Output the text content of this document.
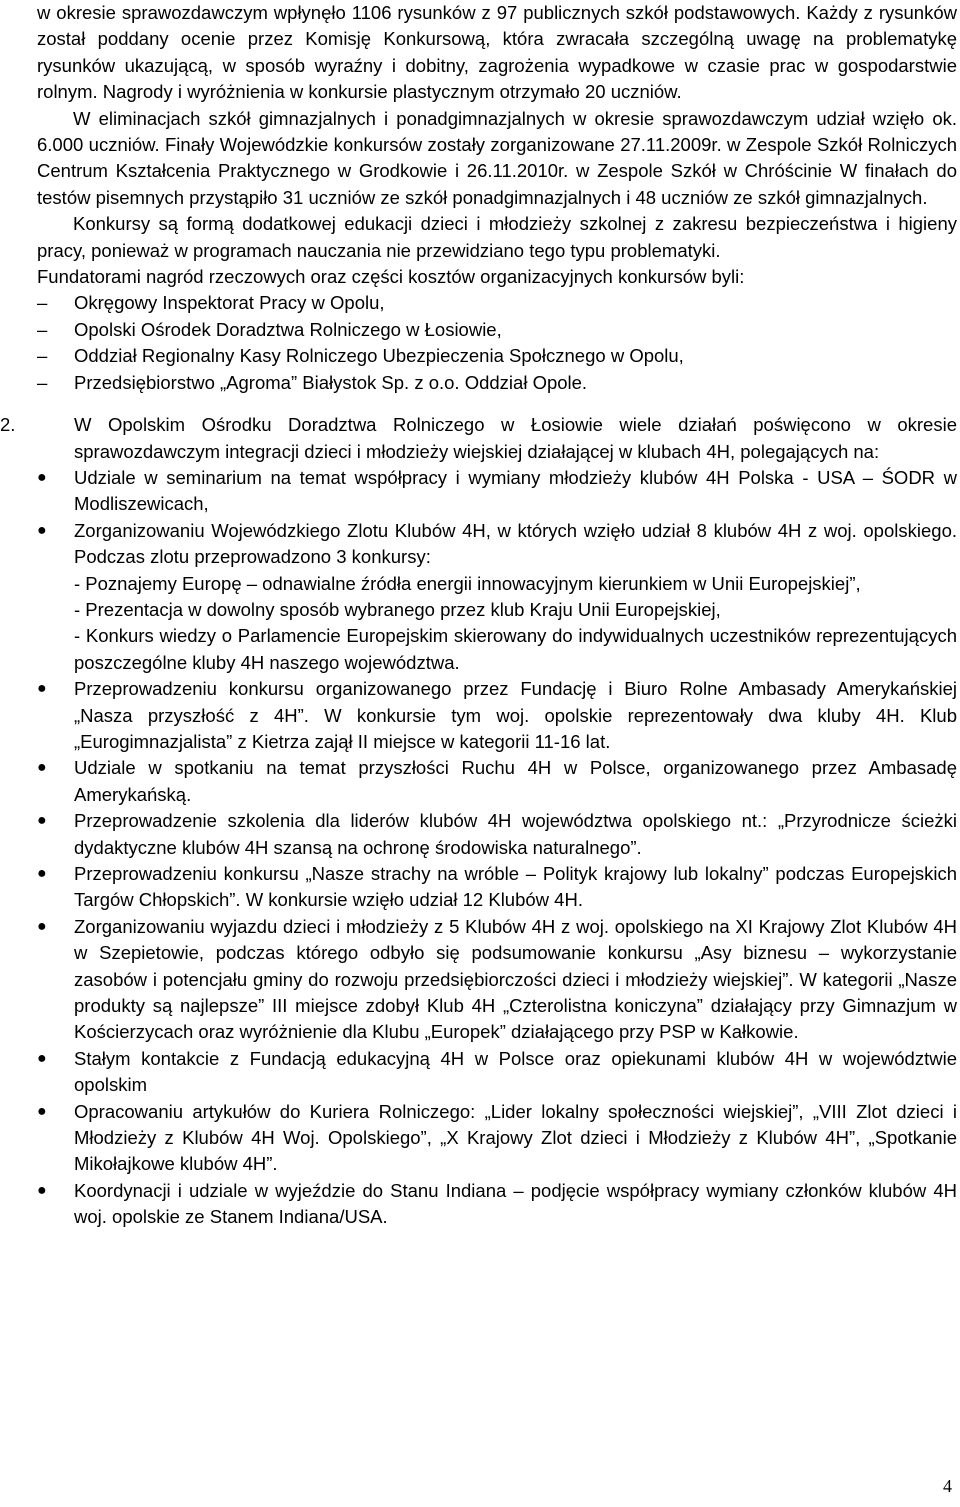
w okresie sprawozdawczym wpłynęło 1106 rysunków z 97 publicznych szkół podstawowych. Każdy z rysunków został poddany ocenie przez Komisję Konkursową, która zwracała szczególną uwagę na problematykę rysunków ukazującą, w sposób wyraźny i dobitny, zagrożenia wypadkowe w czasie prac w gospodarstwie rolnym. Nagrody i wyróżnienia w konkursie plastycznym otrzymało 20 uczniów.

W eliminacjach szkół gimnazjalnych i ponadgimnazjalnych w okresie sprawozdawczym udział wzięło ok. 6.000 uczniów. Finały Wojewódzkie konkursów zostały zorganizowane 27.11.2009r. w Zespole Szkół Rolniczych Centrum Kształcenia Praktycznego w Grodkowie i 26.11.2010r. w Zespole Szkół w Chróścinie W finałach do testów pisemnych przystąpiło 31 uczniów ze szkół ponadgimnazjalnych i 48 uczniów ze szkół gimnazjalnych.

Konkursy są formą dodatkowej edukacji dzieci i młodzieży szkolnej z zakresu bezpieczeństwa i higieny pracy, ponieważ w programach nauczania nie przewidziano tego typu problematyki.

Fundatorami nagród rzeczowych oraz części kosztów organizacyjnych konkursów byli:

– Okręgowy Inspektorat Pracy w Opolu,
– Opolski Ośrodek Doradztwa Rolniczego w Łosiowie,
– Oddział Regionalny Kasy Rolniczego Ubezpieczenia Społcznego w Opolu,
– Przedsiębiorstwo „Agroma” Białystok Sp. z o.o. Oddział Opole.
2.	W Opolskim Ośrodku Doradztwa Rolniczego w Łosiowie wiele działań poświęcono w okresie sprawozdawczym integracji dzieci i młodzieży wiejskiej działającej w klubach 4H, polegających na:

● Udziale w seminarium na temat współpracy i wymiany młodzieży klubów 4H Polska - USA – ŚODR w Modliszewicach,
● Zorganizowaniu Wojewódzkiego Zlotu Klubów 4H, w których wzięło udział 8 klubów 4H z woj. opolskiego. Podczas zlotu przeprowadzono 3 konkursy:

- Poznajemy Europę – odnawialne źródła energii innowacyjnym kierunkiem w Unii Europejskiej”,

- Prezentacja w dowolny sposób wybranego przez klub Kraju Unii Europejskiej,

- Konkurs wiedzy o Parlamencie Europejskim skierowany do indywidualnych uczestników reprezentujących poszczególne kluby 4H naszego województwa.

● Przeprowadzeniu konkursu organizowanego przez Fundację i Biuro Rolne Ambasady Amerykańskiej „Nasza przyszłość z 4H”. W konkursie tym woj. opolskie reprezentowały dwa kluby 4H. Klub „Eurogimnazjalista” z Kietrza zajął II miejsce w kategorii 11-16 lat.
● Udziale w spotkaniu na temat przyszłości Ruchu 4H w Polsce, organizowanego przez Ambasadę Amerykańską.
● Przeprowadzenie szkolenia dla liderów klubów 4H województwa opolskiego nt.: „Przyrodnicze ścieżki dydaktyczne klubów 4H szansą na ochronę środowiska naturalnego”.
● Przeprowadzeniu konkursu „Nasze strachy na wróble – Polityk krajowy lub lokalny” podczas Europejskich Targów Chłopskich”. W konkursie wzięło udział 12 Klubów 4H.
● Zorganizowaniu wyjazdu dzieci i młodzieży z 5 Klubów 4H z woj. opolskiego na XI Krajowy Zlot Klubów 4H w Szepietowie, podczas którego odbyło się podsumowanie konkursu „Asy biznesu – wykorzystanie zasobów i potencjału gminy do rozwoju przedsiębiorczości dzieci i młodzieży wiejskiej”. W kategorii „Nasze produkty są najlepsze” III miejsce zdobył Klub 4H „Czterolistna koniczyna” działający przy Gimnazjum w Kościerzycach oraz wyróżnienie dla Klubu „Europek” działającego przy PSP w Kałkowie.
● Stałym kontakcie z Fundacją edukacyjną 4H w Polsce oraz opiekunami klubów 4H w województwie opolskim
● Opracowaniu artykułów do Kuriera Rolniczego: „Lider lokalny społeczności wiejskiej”, „VIII Zlot dzieci i Młodzieży z Klubów 4H Woj. Opolskiego”, „X Krajowy Zlot dzieci i Młodzieży z Klubów 4H”, „Spotkanie Mikołajkowe klubów 4H”.
● Koordynacji i udziale w wyjeździe do Stanu Indiana – podjęcie współpracy wymiany członków klubów 4H woj. opolskie ze Stanem Indiana/USA.
4
